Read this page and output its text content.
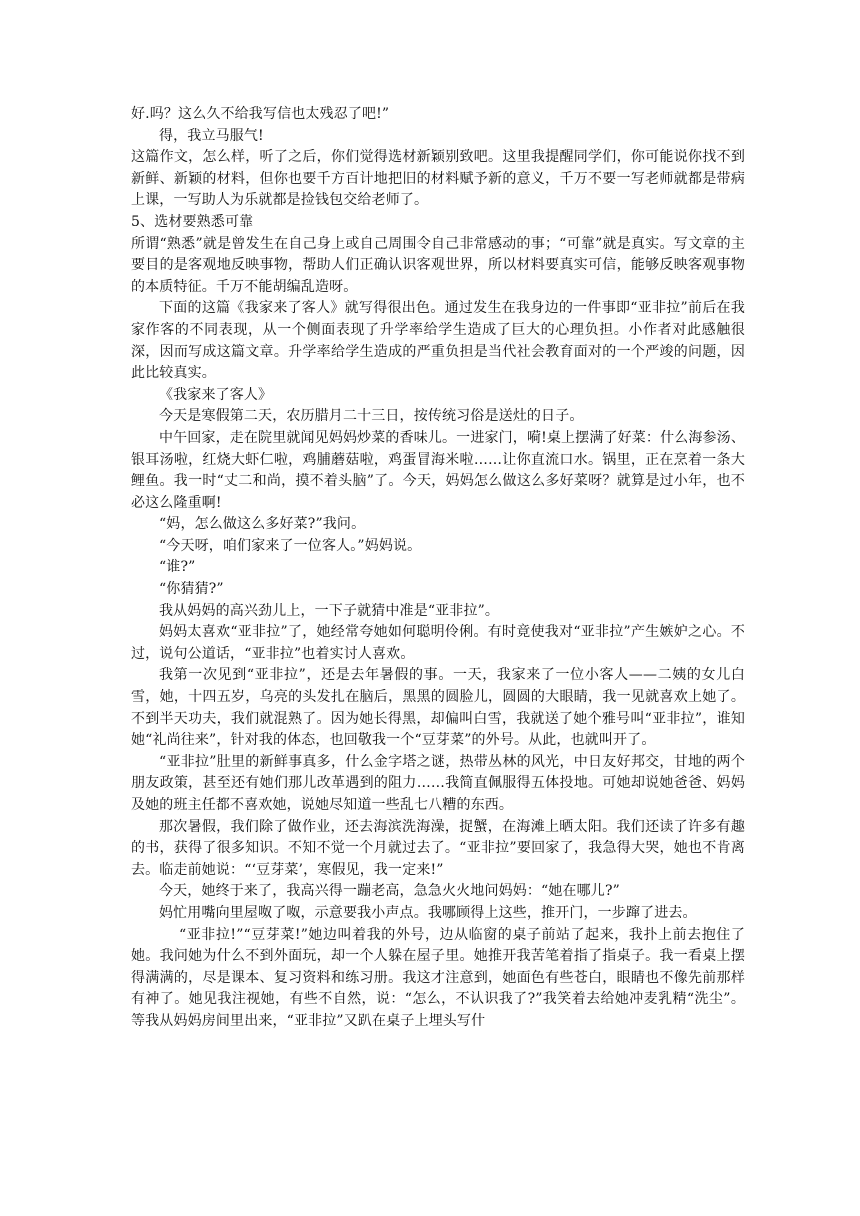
好.吗？这么久不给我写信也太残忍了吧!”

得，我立马服气!

这篇作文，怎么样，听了之后，你们觉得选材新颖别致吧。这里我提醒同学们，你可能说你找不到新鲜、新颖的材料，但你也要千方百计地把旧的材料赋予新的意义，千万不要一写老师就都是带病上课，一写助人为乐就都是捡钱包交给老师了。

5、选材要熟悉可靠

所谓“熟悉”就是曾发生在自己身上或自己周围令自己非常感动的事；“可靠”就是真实。写文章的主要目的是客观地反映事物，帮助人们正确认识客观世界，所以材料要真实可信，能够反映客观事物的本质特征。千万不能胡编乱造呀。

下面的这篇《我家来了客人》就写得很出色。通过发生在我身边的一件事即“亚非拉”前后在我家作客的不同表现，从一个侧面表现了升学率给学生造成了巨大的心理负担。小作者对此感触很深，因而写成这篇文章。升学率给学生造成的严重负担是当代社会教育面对的一个严竣的问题，因此比较真实。

《我家来了客人》

今天是寒假第二天，农历腊月二十三日，按传统习俗是送灶的日子。

中午回家，走在院里就闻见妈妈炒菜的香味儿。一进家门，嗬!桌上摆满了好菜：什么海参汤、银耳汤啦，红烧大虾仁啦，鸡脯蘑菇啦，鸡蛋冒海米啦……让你直流口水。锅里，正在烹着一条大鲤鱼。我一时“丈二和尚，摸不着头脑”了。今天，妈妈怎么做这么多好菜呀？就算是过小年，也不必这么隆重啊!

“妈，怎么做这么多好菜?”我问。

“今天呀，咱们家来了一位客人。”妈妈说。

“谁?”

“你猜猜?”

我从妈妈的高兴劲儿上，一下子就猜中准是“亚非拉”。

妈妈太喜欢“亚非拉”了，她经常夸她如何聪明伶俐。有时竟使我对“亚非拉”产生嫉妒之心。不过，说句公道话，“亚非拉”也着实讨人喜欢。

我第一次见到“亚非拉”，还是去年暑假的事。一天，我家来了一位小客人——二姨的女儿白雪，她，十四五岁，乌亮的头发扎在脑后，黑黑的圆脸儿，圆圆的大眼睛，我一见就喜欢上她了。不到半天功夫，我们就混熟了。因为她长得黑，却偏叫白雪，我就送了她个雅号叫“亚非拉”，谁知她“礼尚往来”，针对我的体态，也回敬我一个“豆芽菜”的外号。从此，也就叫开了。

“亚非拉”肚里的新鲜事真多，什么金字塔之谜，热带丛林的风光，中日友好邦交，甘地的两个朋友政策，甚至还有她们那儿改革遇到的阻力……我简直佩服得五体投地。可她却说她爸爸、妈妈及她的班主任都不喜欢她，说她尽知道一些乱七八糟的东西。

那次暑假，我们除了做作业，还去海滨洗海澡，捉蟹，在海滩上晒太阳。我们还读了许多有趣的书，获得了很多知识。不知不觉一个月就过去了。“亚非拉”要回家了，我急得大哭，她也不肯离去。临走前她说：“‘豆芽菜’，寒假见，我一定来!”

今天，她终于来了，我高兴得一蹦老高，急急火火地问妈妈：“她在哪儿?”

妈忙用嘴向里屋呶了呶，示意要我小声点。我哪顾得上这些，推开门，一步蹿了进去。

“亚非拉!”“豆芽菜!”她边叫着我的外号，边从临窗的桌子前站了起来，我扑上前去抱住了她。我问她为什么不到外面玩，却一个人躲在屋子里。她推开我苦笔着指了指桌子。我一看桌上摆得满满的，尽是课本、复习资料和练习册。我这才注意到，她面色有些苍白，眼睛也不像先前那样有神了。她见我注视她，有些不自然，说：“怎么，不认识我了?”我笑着去给她冲麦乳精“洗尘”。等我从妈妈房间里出来，“亚非拉”又趴在桌子上埋头写什
